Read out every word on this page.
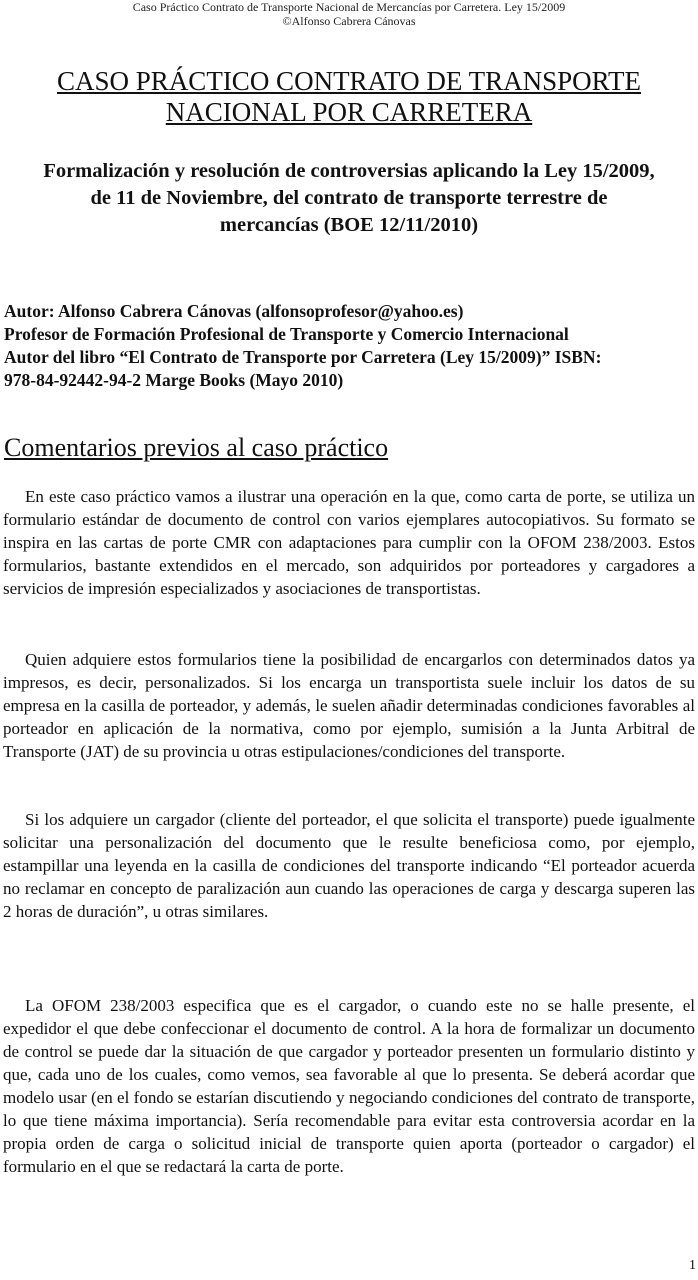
Caso Práctico Contrato de Transporte Nacional de Mercancías por Carretera. Ley 15/2009
©Alfonso Cabrera Cánovas
CASO PRÁCTICO CONTRATO DE TRANSPORTE
NACIONAL POR CARRETERA
Formalización y resolución de controversias aplicando la Ley 15/2009,
de 11 de Noviembre, del contrato de transporte terrestre de
mercancías (BOE 12/11/2010)
Autor: Alfonso Cabrera Cánovas (alfonsoprofesor@yahoo.es)
Profesor de Formación Profesional de Transporte y Comercio Internacional
Autor del libro “El Contrato de Transporte por Carretera (Ley 15/2009)” ISBN:
978-84-92442-94-2 Marge Books (Mayo 2010)
Comentarios previos al caso práctico

En este caso práctico vamos a ilustrar una operación en la que, como carta de porte, se utiliza un formulario estándar de documento de control con varios ejemplares autocopiativos. Su formato se inspira en las cartas de porte CMR con adaptaciones para cumplir con la OFOM 238/2003. Estos formularios, bastante extendidos en el mercado, son adquiridos por porteadores y cargadores a servicios de impresión especializados y asociaciones de transportistas.

Quien adquiere estos formularios tiene la posibilidad de encargarlos con determinados datos ya impresos, es decir, personalizados. Si los encarga un transportista suele incluir los datos de su empresa en la casilla de porteador, y además, le suelen añadir determinadas condiciones favorables al porteador en aplicación de la normativa, como por ejemplo, sumisión a la Junta Arbitral de Transporte (JAT) de su provincia u otras estipulaciones/condiciones del transporte.

Si los adquiere un cargador (cliente del porteador, el que solicita el transporte) puede igualmente solicitar una personalización del documento que le resulte beneficiosa como, por ejemplo, estampillar una leyenda en la casilla de condiciones del transporte indicando “El porteador acuerda no reclamar en concepto de paralización aun cuando las operaciones de carga y descarga superen las 2 horas de duración”, u otras similares.

La OFOM 238/2003 especifica que es el cargador, o cuando este no se halle presente, el expedidor el que debe confeccionar el documento de control. A la hora de formalizar un documento de control se puede dar la situación de que cargador y porteador presenten un formulario distinto y que, cada uno de los cuales, como vemos, sea favorable al que lo presenta. Se deberá acordar que modelo usar (en el fondo se estarían discutiendo y negociando condiciones del contrato de transporte, lo que tiene máxima importancia). Sería recomendable para evitar esta controversia acordar en la propia orden de carga o solicitud inicial de transporte quien aporta (porteador o cargador) el formulario en el que se redactará la carta de porte.

1
